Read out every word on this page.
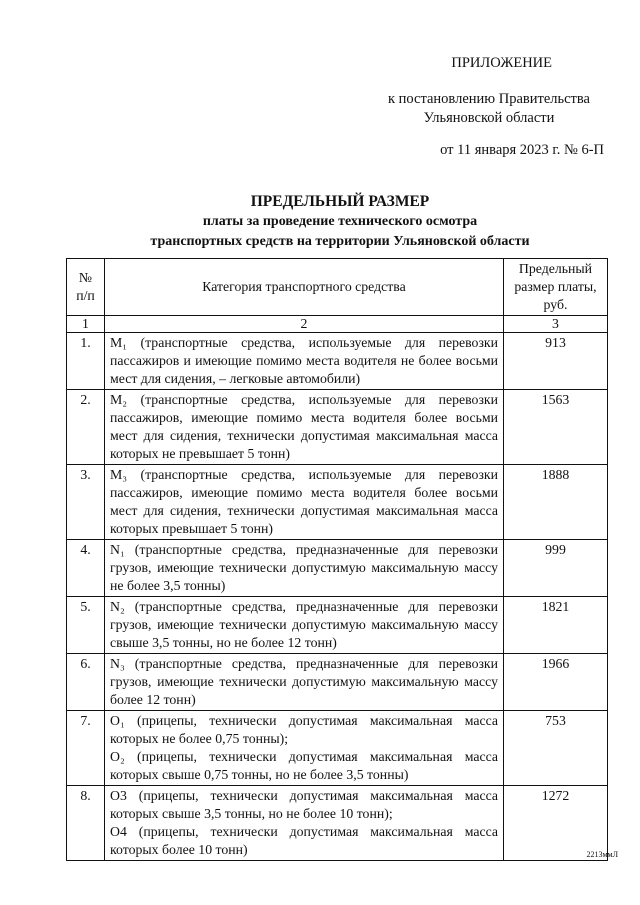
ПРИЛОЖЕНИЕ
к постановлению Правительства Ульяновской области
от 11 января 2023 г. № 6-П
ПРЕДЕЛЬНЫЙ РАЗМЕР
платы за проведение технического осмотра
транспортных средств на территории Ульяновской области
№ п/п	Категория транспортного средства	Предельный размер платы, руб.
1	2	3
1.	M₁ (транспортные средства, используемые для перевозки пассажиров и имеющие помимо места водителя не более восьми мест для сидения, – легковые автомобили)	913
2.	M₂ (транспортные средства, используемые для перевозки пассажиров, имеющие помимо места водителя более восьми мест для сидения, технически допустимая максимальная масса которых не превышает 5 тонн)	1563
3.	M₃ (транспортные средства, используемые для перевозки пассажиров, имеющие помимо места водителя более восьми мест для сидения, технически допустимая максимальная масса которых превышает 5 тонн)	1888
4.	N₁ (транспортные средства, предназначенные для перевозки грузов, имеющие технически допустимую максимальную массу не более 3,5 тонны)	999
5.	N₂ (транспортные средства, предназначенные для перевозки грузов, имеющие технически допустимую максимальную массу свыше 3,5 тонны, но не более 12 тонн)	1821
6.	N₃ (транспортные средства, предназначенные для перевозки грузов, имеющие технически допустимую максимальную массу более 12 тонн)	1966
7.	O₁ (прицепы, технически допустимая максимальная масса которых не более 0,75 тонны);
O₂ (прицепы, технически допустимая максимальная масса которых свыше 0,75 тонны, но не более 3,5 тонны)	753
8.	O3 (прицепы, технически допустимая максимальная масса которых свыше 3,5 тонны, но не более 10 тонн);
O4 (прицепы, технически допустимая максимальная масса которых более 10 тонн)	1272
2213ммЛ
